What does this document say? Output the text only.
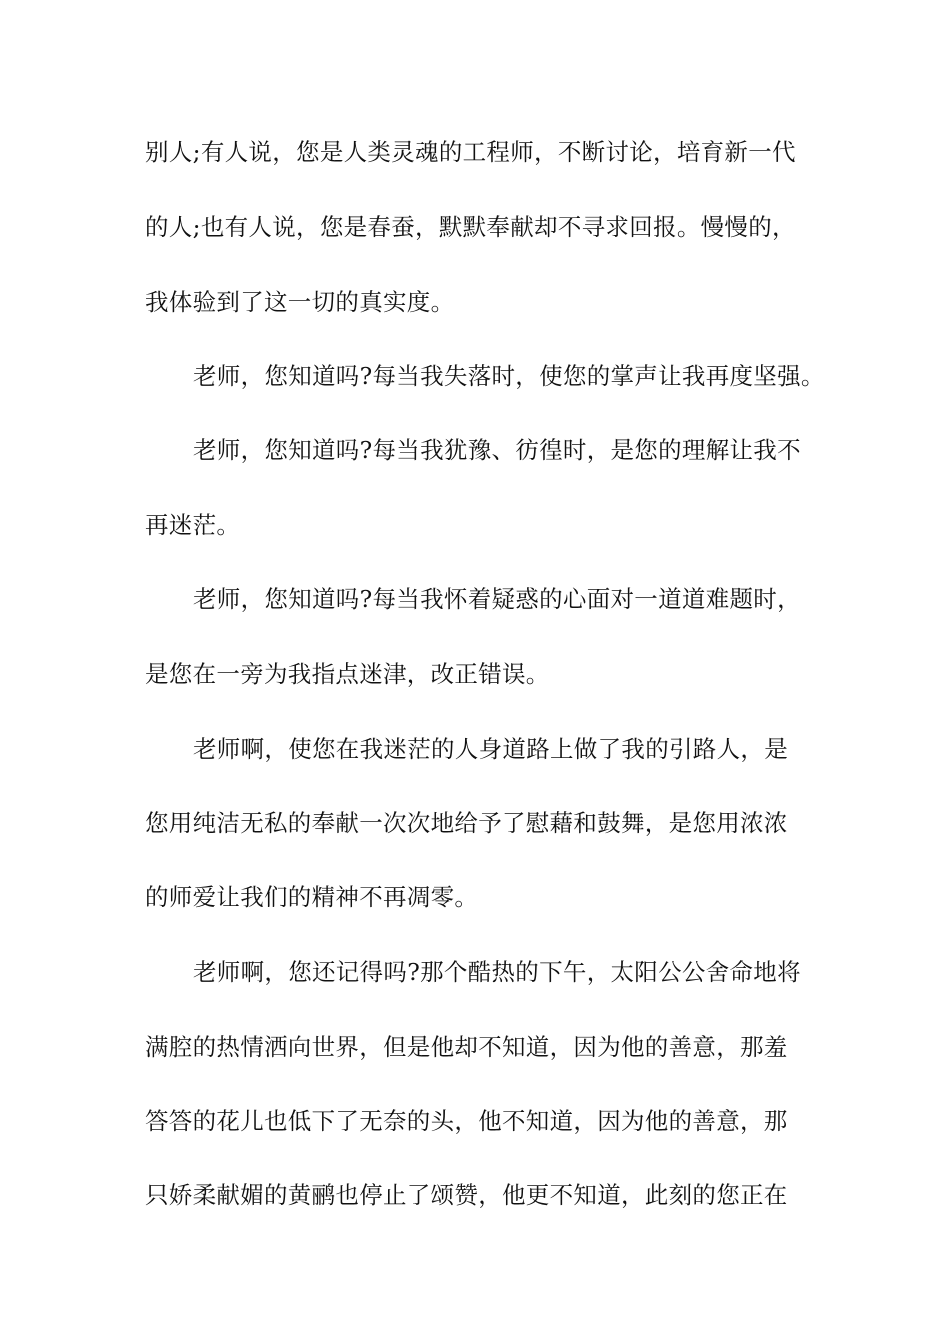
别人;有人说，您是人类灵魂的工程师，不断讨论，培育新一代
的人;也有人说，您是春蚕，默默奉献却不寻求回报。慢慢的，
我体验到了这一切的真实度。
老师，您知道吗?每当我失落时，使您的掌声让我再度坚强。
老师，您知道吗?每当我犹豫、彷徨时，是您的理解让我不
再迷茫。
老师，您知道吗?每当我怀着疑惑的心面对一道道难题时，
是您在一旁为我指点迷津，改正错误。
老师啊，使您在我迷茫的人身道路上做了我的引路人，是
您用纯洁无私的奉献一次次地给予了慰藉和鼓舞，是您用浓浓
的师爱让我们的精神不再凋零。
老师啊，您还记得吗?那个酷热的下午，太阳公公舍命地将
满腔的热情洒向世界，但是他却不知道，因为他的善意，那羞
答答的花儿也低下了无奈的头，他不知道，因为他的善意，那
只娇柔献媚的黄鹂也停止了颂赞，他更不知道，此刻的您正在
